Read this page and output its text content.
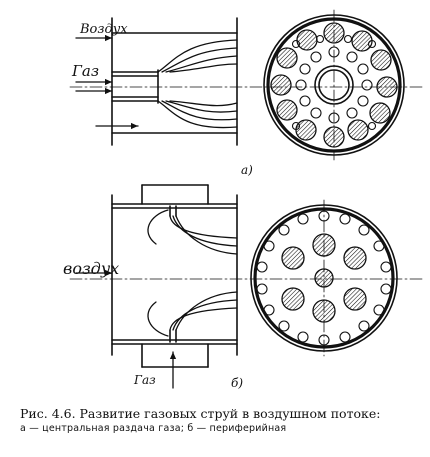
Воздух
Газ
а)
воздух
Газ	б)
Рис. 4.6. Развитие газовых струй в воздушном потоке:
а — центральная раздача газа; б — периферийная
